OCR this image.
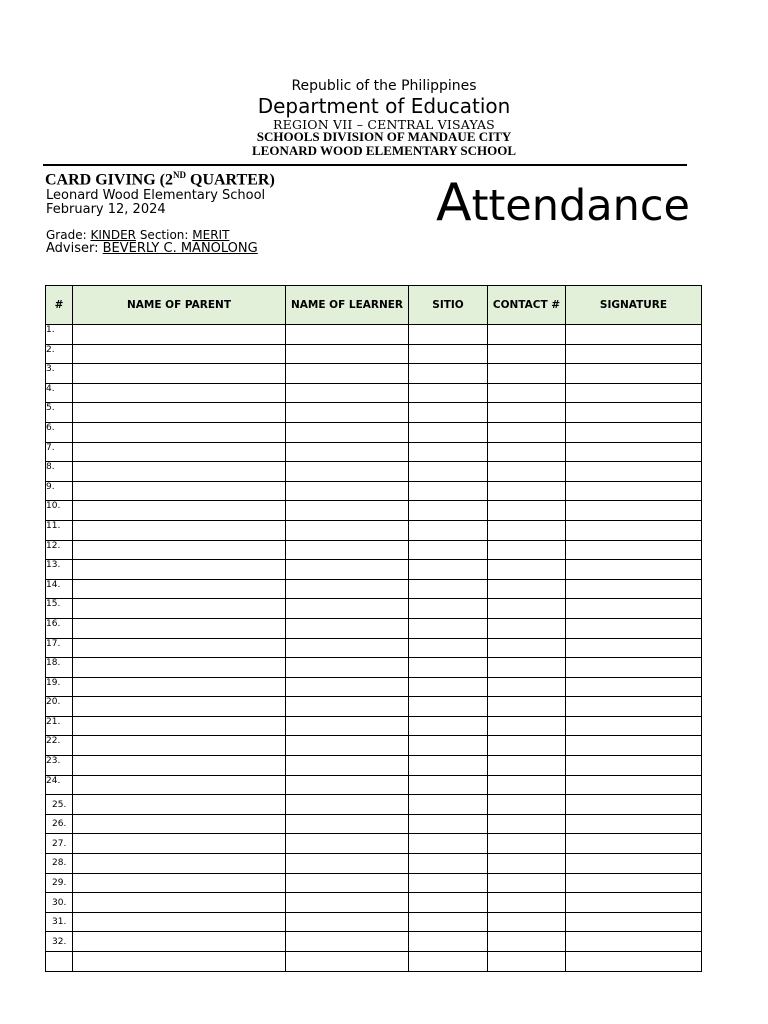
Republic of the Philippines
Department of Education
REGION VII – CENTRAL VISAYAS
SCHOOLS DIVISION OF MANDAUE CITY
LEONARD WOOD ELEMENTARY SCHOOL
CARD GIVING (2ND QUARTER)
Leonard Wood Elementary School
February 12, 2024
Grade: KINDER Section: MERIT
Adviser: BEVERLY C. MANOLONG
Attendance
#	NAME OF PARENT	NAME OF LEARNER	SITIO	CONTACT #	SIGNATURE
1.					
2.					
3.					
4.					
5.					
6.					
7.					
8.					
9.					
10.					
11.					
12.					
13.					
14.					
15.					
16.					
17.					
18.					
19.					
20.					
21.					
22.					
23.					
24.					
25.					
26.					
27.					
28.					
29.					
30.					
31.					
32.					
